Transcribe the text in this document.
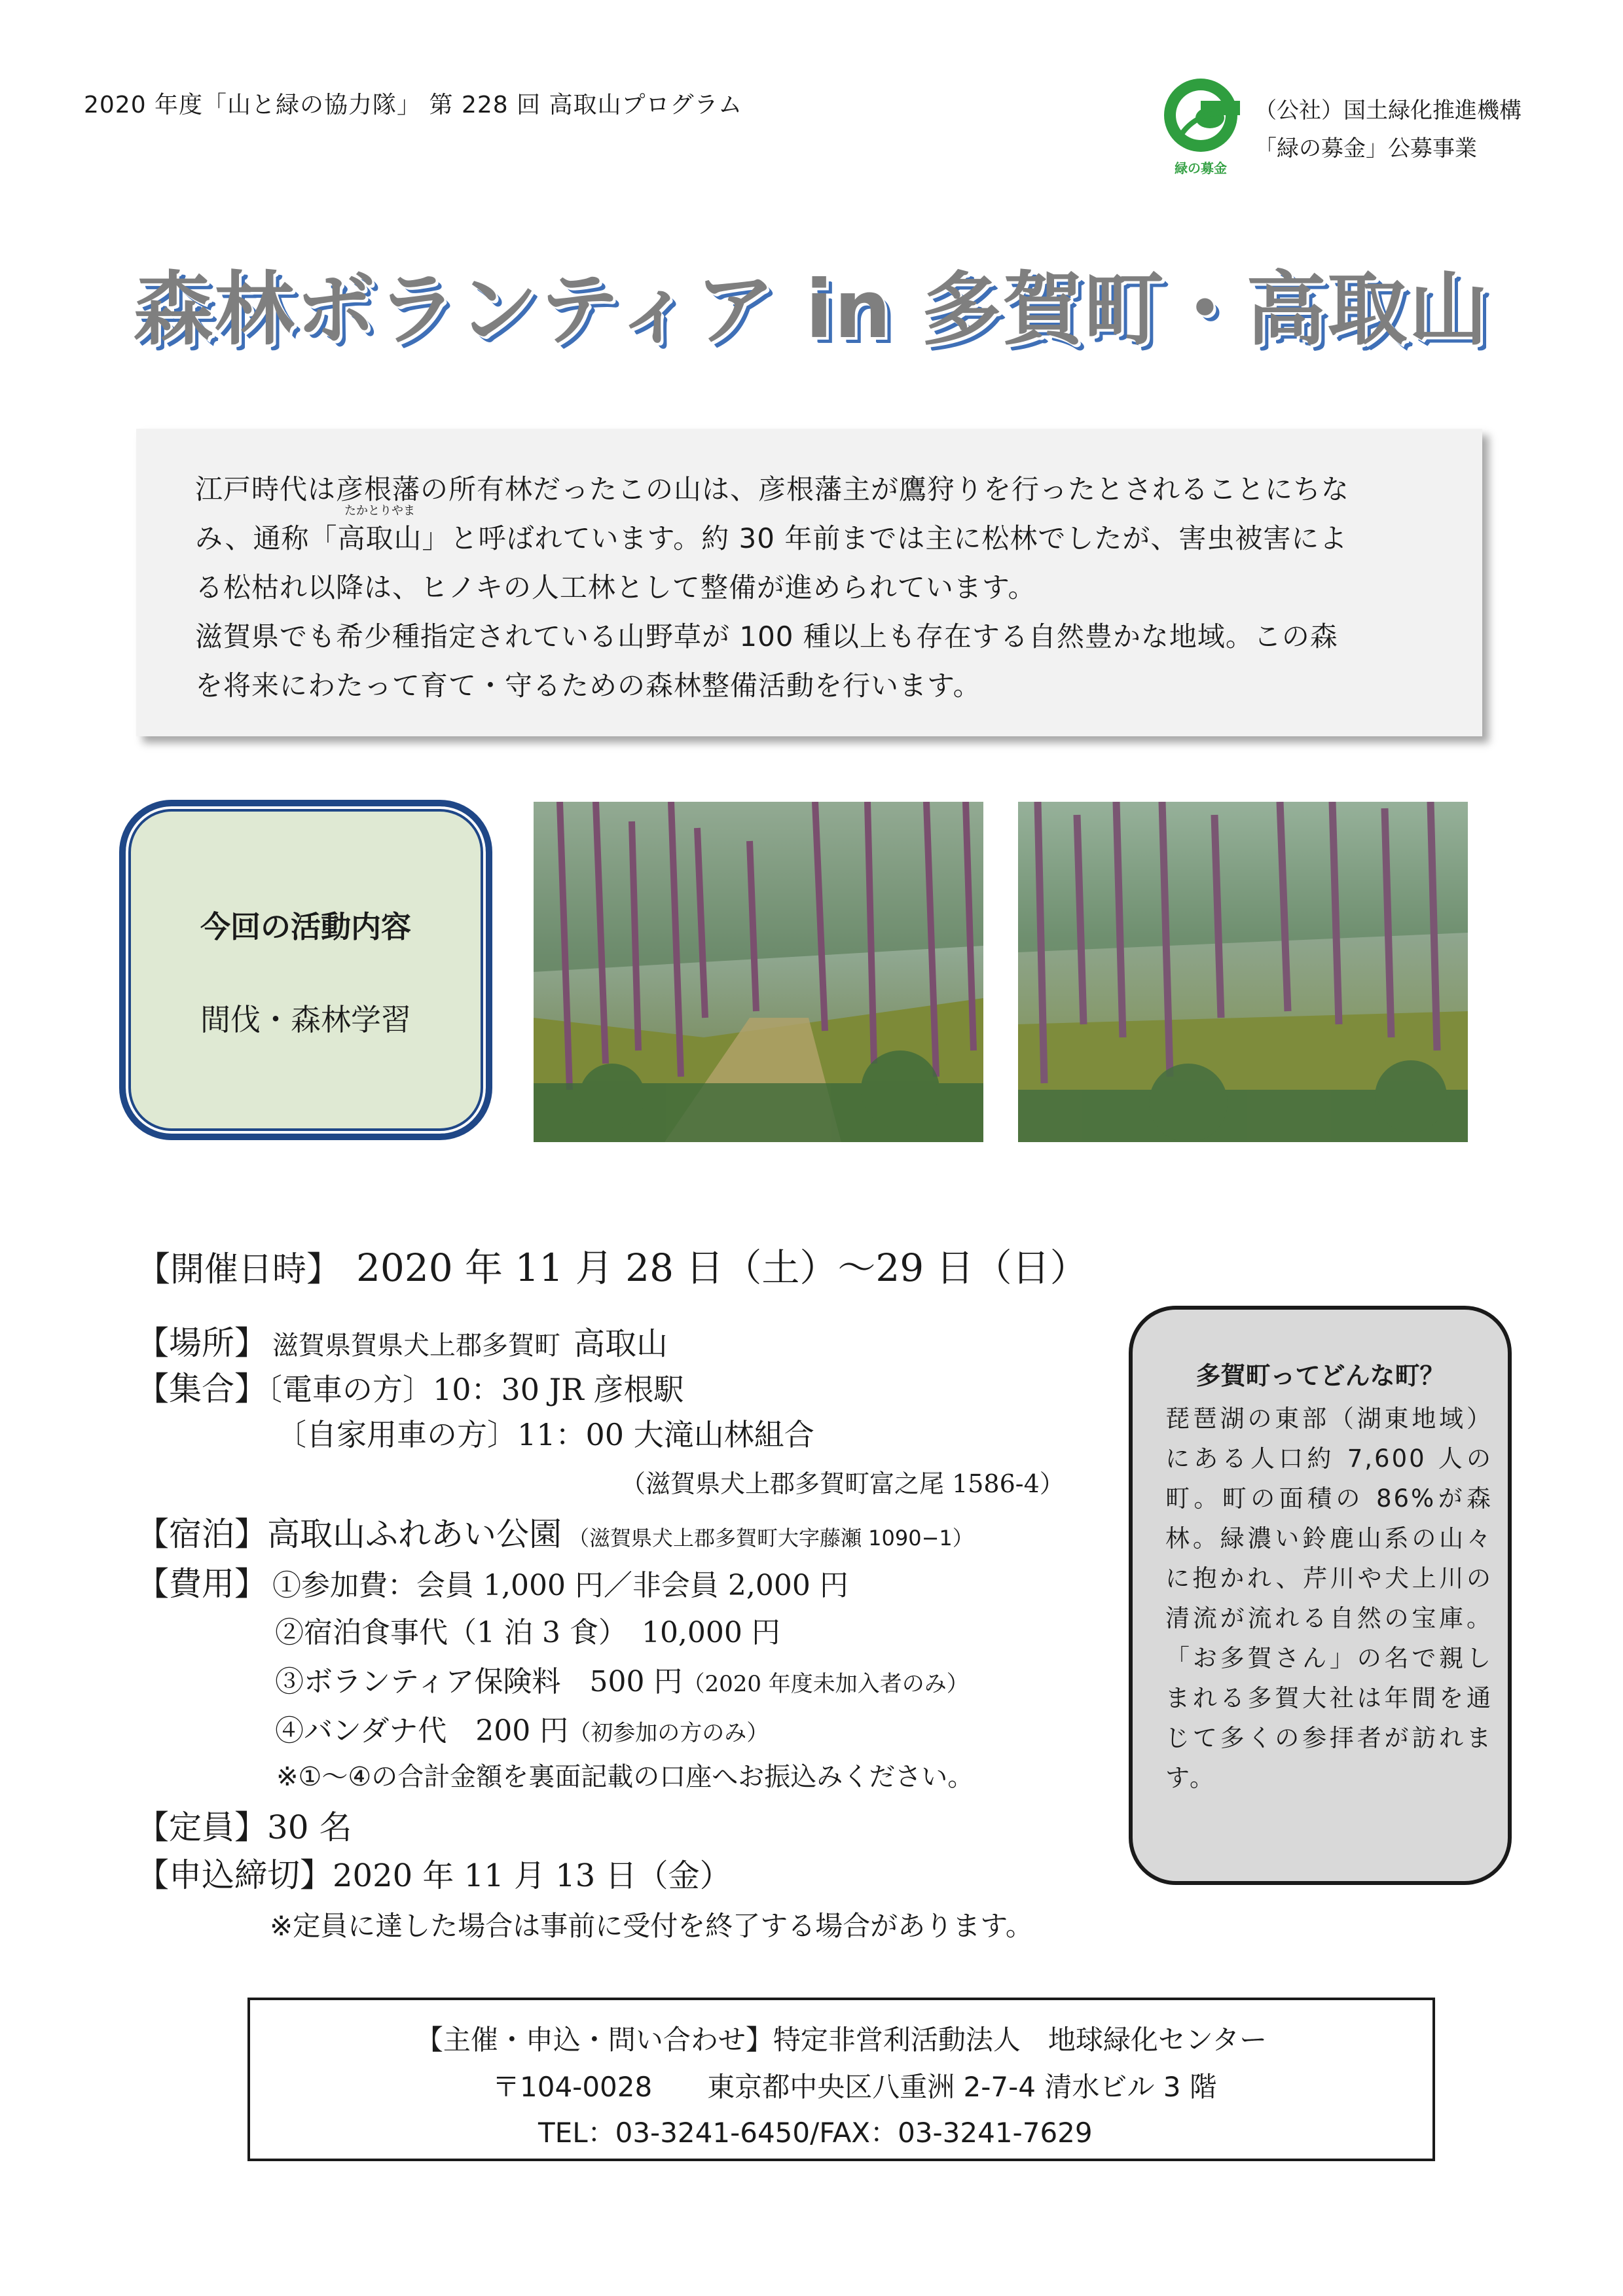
2020 年度「山と緑の協力隊」 第 228 回 高取山プログラム
緑の募金
（公社）国土緑化推進機構
「緑の募金」公募事業
森林ボランティア in 多賀町・高取山

江戸時代は彦根藩の所有林だったこの山は、彦根藩主が鷹狩りを行ったとされることにちな

み、通称「
たかとりやま
高取山」と呼ばれています。約 30 年前までは主に松林でしたが、害虫被害によ

る松枯れ以降は、ヒノキの人工林として整備が進められています。

滋賀県でも希少種指定されている山野草が 100 種以上も存在する自然豊かな地域。この森

を将来にわたって育て・守るための森林整備活動を行います。

今回の活動内容
間伐・森林学習
【開催日時】 2020 年 11 月 28 日（土）～29 日（日）
【場所】 滋賀県賀県犬上郡多賀町 高取山
【集合】〔電車の方〕10：30 JR 彦根駅
〔自家用車の方〕11：00 大滝山林組合
（滋賀県犬上郡多賀町富之尾 1586-4）
【宿泊】高取山ふれあい公園 （滋賀県犬上郡多賀町大字藤瀬 1090−1）
【費用】 ①参加費：会員 1,000 円／非会員 2,000 円
②宿泊食事代（1 泊 3 食）　10,000 円
③ボランティア保険料　500 円（2020 年度未加入者のみ）
④バンダナ代　200 円（初参加の方のみ）
※①～④の合計金額を裏面記載の口座へお振込みください。
【定員】30 名
【申込締切】2020 年 11 月 13 日（金）
※定員に達した場合は事前に受付を終了する場合があります。
多賀町ってどんな町？
琵琶湖の東部（湖東地域）にある人口約 7,600 人の町。町の面積の 86%が森林。緑濃い鈴鹿山系の山々に抱かれ、芹川や犬上川の清流が流れる自然の宝庫。「お多賀さん」の名で親しまれる多賀大社は年間を通じて多くの参拝者が訪れます。
【主催・申込・問い合わせ】特定非営利活動法人　地球緑化センター
〒104-0028　　東京都中央区八重洲 2-7-4 清水ビル 3 階
TEL：03-3241-6450/FAX：03-3241-7629
